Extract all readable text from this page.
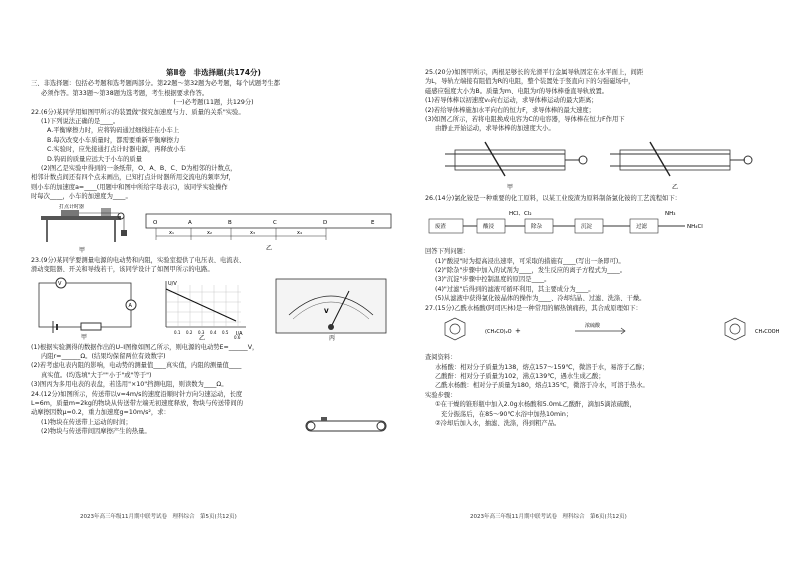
第Ⅱ卷　非选择题(共174分)

三、非选择题：包括必考题和选考题两部分。第22题～第32题为必考题，每个试题考生都

必须作答。第33题～第38题为选考题，考生根据要求作答。

(一)必考题(11题，共129分)

22.(6分)某同学用如图甲所示的装置做"探究加速度与力、质量的关系"实验。

(1)下列说法正确的是____。

A.平衡摩擦力时，应将钩码通过细线挂在小车上

B.每次改变小车质量时，都需要重新平衡摩擦力

C.实验时，应先接通打点计时器电源，再释放小车

D.钩码的质量应远大于小车的质量

(2)图乙是实验中得到的一条纸带，O、A、B、C、D为相邻的计数点，

相邻计数点间还有四个点未画出，已知打点计时器所用交流电的频率为f，

则小车的加速度a=____(用题中和图中所给字母表示)，该同学实验操作

时每次____，小车的加速度为____。

打点计时器
甲
O	A	B	C	D	E
x₁	x₂	x₃	x₄
乙

23.(9分)某同学要测量电源的电动势和内阻，实验室提供了电压表、电流表、

滑动变阻器、开关和导线若干，该同学设计了如图甲所示的电路。

V
A
甲
U/V
I/A
0.1 0.2 0.3 0.4 0.5
0.6
乙
V
丙

(1)根据实验测得的数据作出的U–I图像如图乙所示，则电源的电动势E=______V，

内阻r=______Ω。(结果均保留两位有效数字)

(2)若考虑电表内阻的影响，电动势的测量值____真实值，内阻的测量值____

真实值。(均选填"大于""小于"或"等于")

(3)图丙为多用电表的表盘，若选用"×10"挡测电阻，则读数为____Ω。

24.(12分)如图所示，传送带以v=4m/s的速度沿顺时针方向匀速运动，长度

L=6m，质量m=2kg的物块从传送带左端无初速度释放，物块与传送带间的

动摩擦因数μ=0.2，重力加速度g=10m/s²，求：

(1)物块在传送带上运动的时间；

(2)物块与传送带间因摩擦产生的热量。

2023年高三年级11月期中联考试卷　理科综合　第5页(共12页)

25.(20分)如图甲所示，两根足够长的光滑平行金属导轨固定在水平面上，间距

为L，导轨左端接有阻值为R的电阻，整个装置处于竖直向下的匀强磁场中，

磁感应强度大小为B。质量为m、电阻为r的导体棒垂直导轨放置。

(1)若导体棒以初速度v₀向右运动，求导体棒运动的最大距离；

(2)若给导体棒施加水平向右的恒力F，求导体棒的最大速度；

(3)如图乙所示，若将电阻换成电容为C的电容器，导体棒在恒力F作用下

由静止开始运动，求导体棒的加速度大小。

甲	乙

26.(14分)氯化铵是一种重要的化工原料，以某工业废渣为原料制备氯化铵的工艺流程如下：

废渣	酸浸	除杂	沉淀	过滤	NH₄Cl
HCl、Cl₂	NH₃

回答下列问题：

(1)"酸浸"时为提高浸出速率，可采取的措施有____(写出一条即可)。

(2)"除杂"步骤中加入的试剂为____，发生反应的离子方程式为____。

(3)"沉淀"步骤中控制温度的原因是____。

(4)"过滤"后得到的滤液可循环利用，其主要成分为____。

(5)从滤液中获得氯化铵晶体的操作为____、冷却结晶、过滤、洗涤、干燥。

27.(15分)乙酰水杨酸(阿司匹林)是一种常用的解热镇痛药，其合成原理如下：

+
(CH₃CO)₂O
浓硫酸
CH₃COOH

查阅资料：

水杨酸：相对分子质量为138，熔点157～159℃，微溶于水，易溶于乙醇；

乙酸酐：相对分子质量为102，沸点139℃，遇水生成乙酸；

乙酰水杨酸：相对分子质量为180，熔点135℃，微溶于冷水，可溶于热水。

实验步骤：

①在干燥的锥形瓶中加入2.0g水杨酸和5.0mL乙酸酐，滴加5滴浓硫酸，

充分振荡后，在85～90℃水浴中加热10min；

②冷却后加入水，抽滤、洗涤，得到粗产品。

2023年高三年级11月期中联考试卷　理科综合　第6页(共12页)
